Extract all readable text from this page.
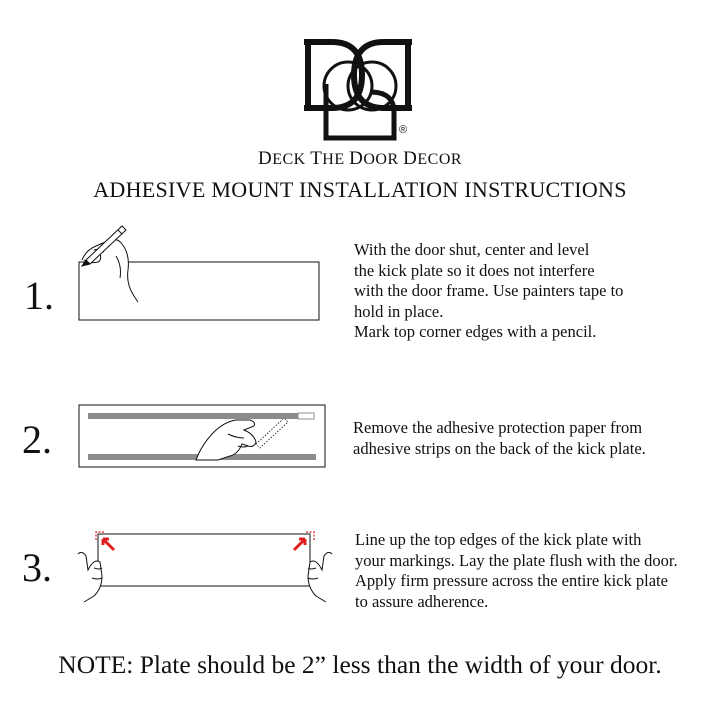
®
DECK THE DOOR DECOR
ADHESIVE MOUNT INSTALLATION INSTRUCTIONS
1.
With the door shut, center and level
the kick plate so it does not interfere
with the door frame. Use painters tape to
hold in place.
Mark top corner edges with a pencil.
2.	Remove the adhesive protection paper from
adhesive strips on the back of the kick plate.
3.
Line up the top edges of the kick plate with
your markings. Lay the plate flush with the door.
Apply firm pressure across the entire kick plate
to assure adherence.
NOTE: Plate should be 2” less than the width of your door.
